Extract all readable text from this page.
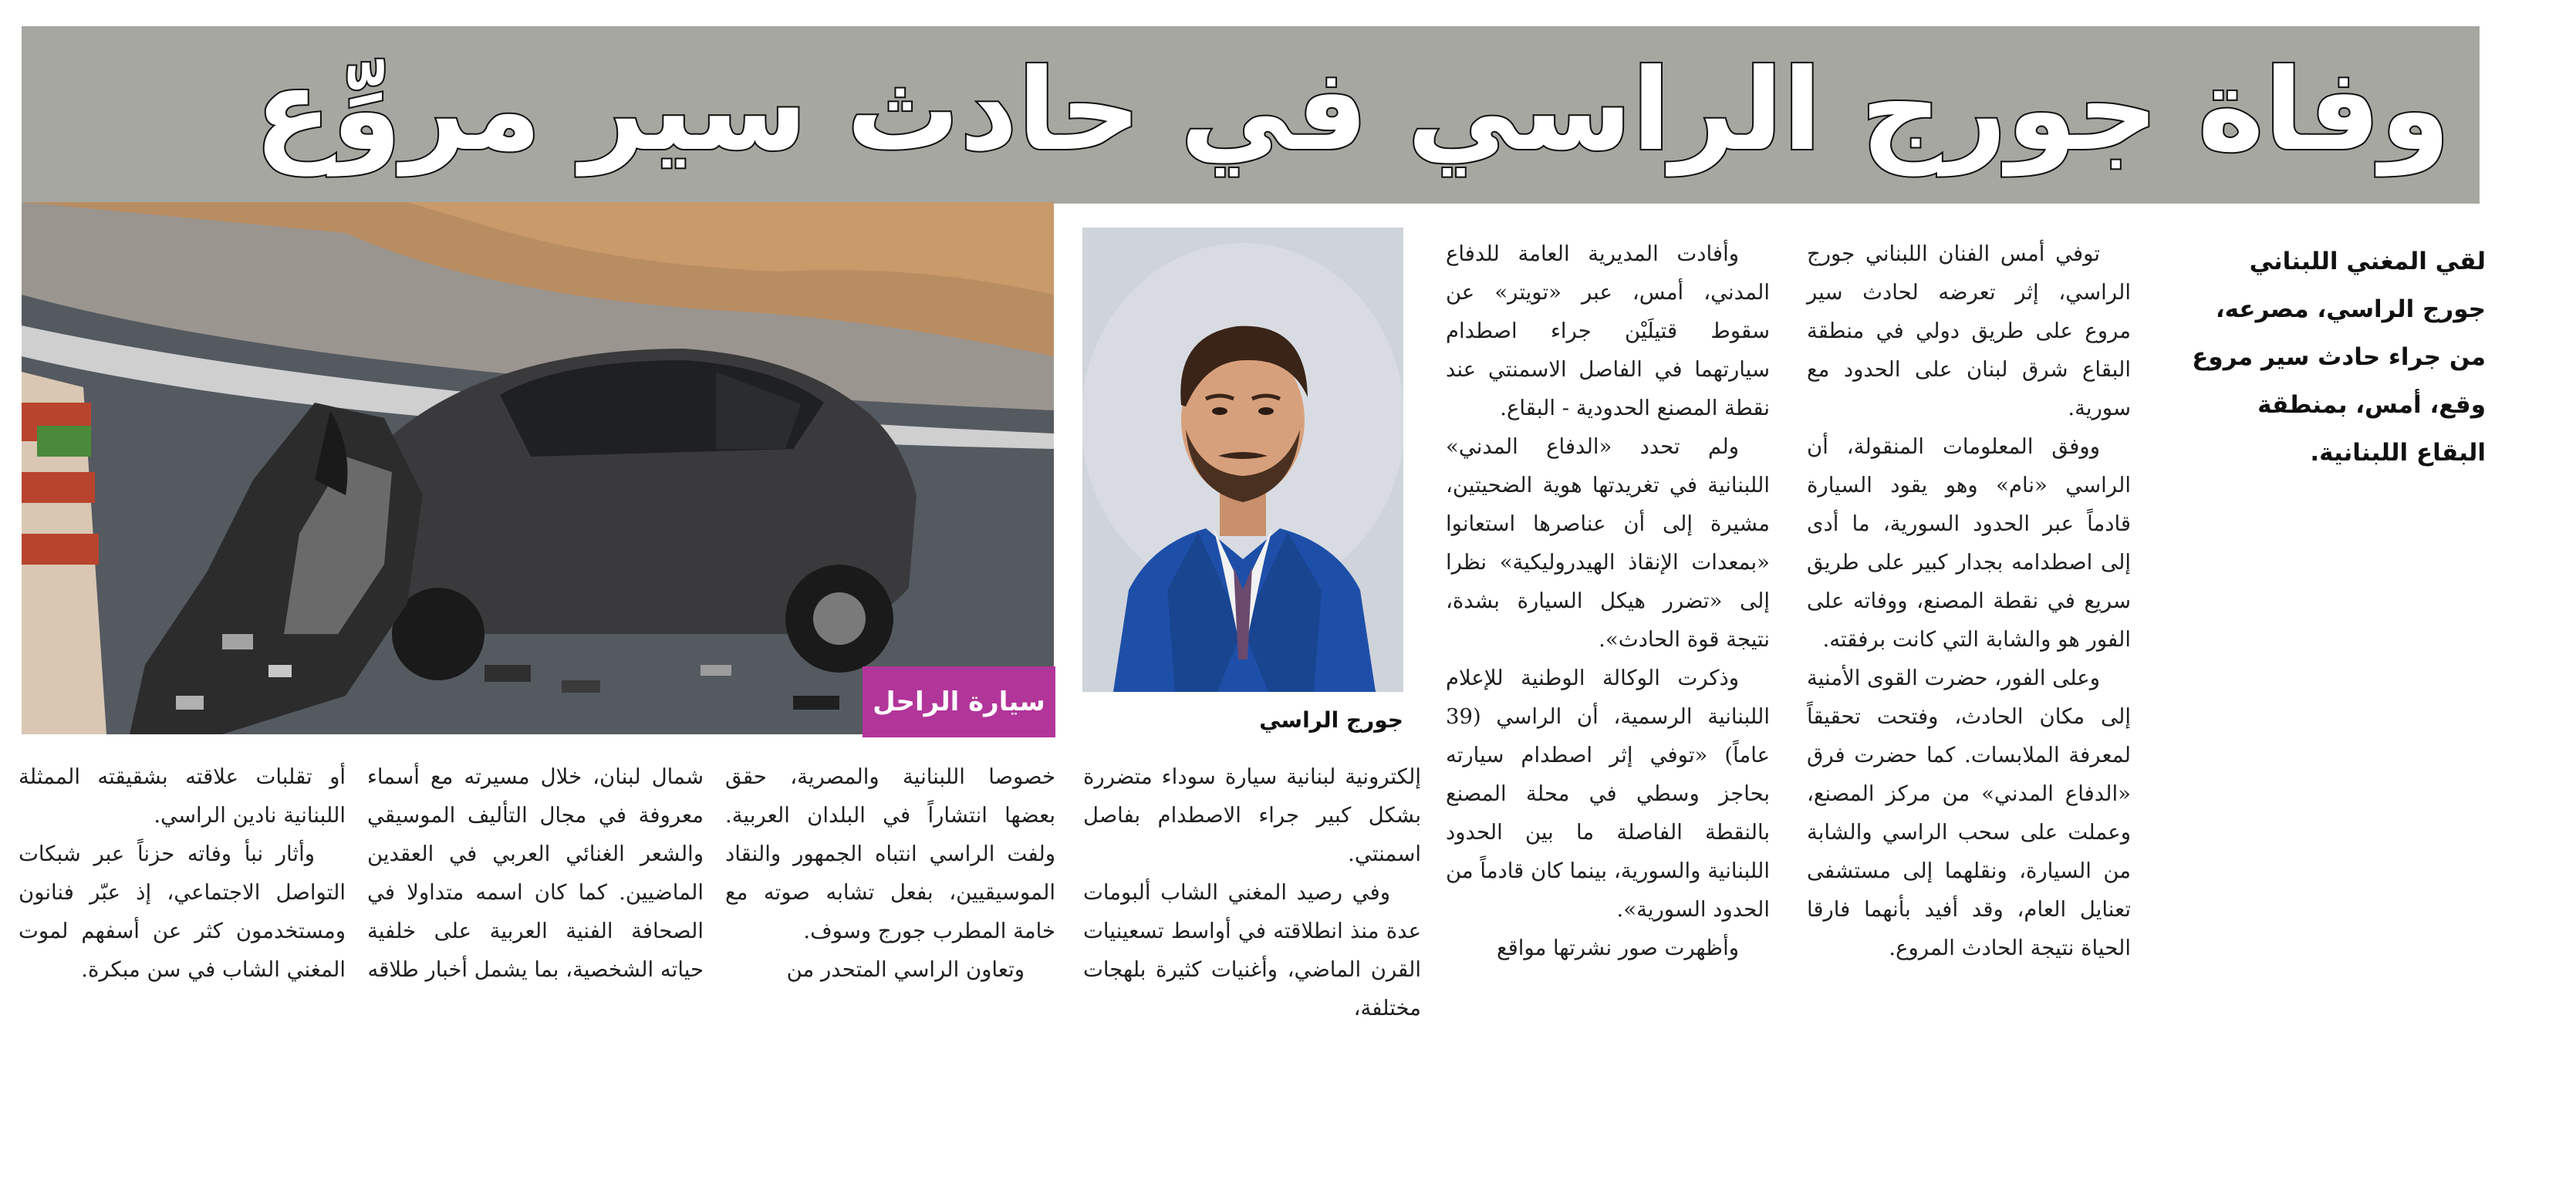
وفاة جورج الراسي في حادث سير مروِّع
لقي المغني اللبناني جورج الراسي، مصرعه، من جراء حادث سير مروع وقع، أمس، بمنطقة البقاع اللبنانية.

توفي أمس الفنان اللبناني جورج الراسي، إثر تعرضه لحادث سير مروع على طريق دولي في منطقة البقاع شرق لبنان على الحدود مع سورية.

ووفق المعلومات المنقولة، أن الراسي «نام» وهو يقود السيارة قادماً عبر الحدود السورية، ما أدى إلى اصطدامه بجدار كبير على طريق سريع في نقطة المصنع، ووفاته على الفور هو والشابة التي كانت برفقته.

وعلى الفور، حضرت القوى الأمنية إلى مكان الحادث، وفتحت تحقيقاً لمعرفة الملابسات. كما حضرت فرق «الدفاع المدني» من مركز المصنع، وعملت على سحب الراسي والشابة من السيارة، ونقلهما إلى مستشفى تعنايل العام، وقد أفيد بأنهما فارقا الحياة نتيجة الحادث المروع.

وأفادت المديرية العامة للدفاع المدني، أمس، عبر «تويتر» عن سقوط قتيلَيْن جراء اصطدام سيارتهما في الفاصل الاسمنتي عند نقطة المصنع الحدودية - البقاع.

ولم تحدد «الدفاع المدني» اللبنانية في تغريدتها هوية الضحيتين، مشيرة إلى أن عناصرها استعانوا «بمعدات الإنقاذ الهيدروليكية» نظرا إلى «تضرر هيكل السيارة بشدة، نتيجة قوة الحادث».

وذكرت الوكالة الوطنية للإعلام اللبنانية الرسمية، أن الراسي (39 عاماً) «توفي إثر اصطدام سيارته بحاجز وسطي في محلة المصنع بالنقطة الفاصلة ما بين الحدود اللبنانية والسورية، بينما كان قادماً من الحدود السورية».

وأظهرت صور نشرتها مواقع

جورج الراسي
سيارة الراحل

إلكترونية لبنانية سيارة سوداء متضررة بشكل كبير جراء الاصطدام بفاصل اسمنتي.

وفي رصيد المغني الشاب ألبومات عدة منذ انطلاقته في أواسط تسعينيات القرن الماضي، وأغنيات كثيرة بلهجات مختلفة،

خصوصا اللبنانية والمصرية، حقق بعضها انتشاراً في البلدان العربية. ولفت الراسي انتباه الجمهور والنقاد الموسيقيين، بفعل تشابه صوته مع خامة المطرب جورج وسوف.

وتعاون الراسي المتحدر من

شمال لبنان، خلال مسيرته مع أسماء معروفة في مجال التأليف الموسيقي والشعر الغنائي العربي في العقدين الماضيين. كما كان اسمه متداولا في الصحافة الفنية العربية على خلفية حياته الشخصية، بما يشمل أخبار طلاقه

أو تقلبات علاقته بشقيقته الممثلة اللبنانية نادين الراسي.

وأثار نبأ وفاته حزناً عبر شبكات التواصل الاجتماعي، إذ عبّر فنانون ومستخدمون كثر عن أسفهم لموت المغني الشاب في سن مبكرة.
